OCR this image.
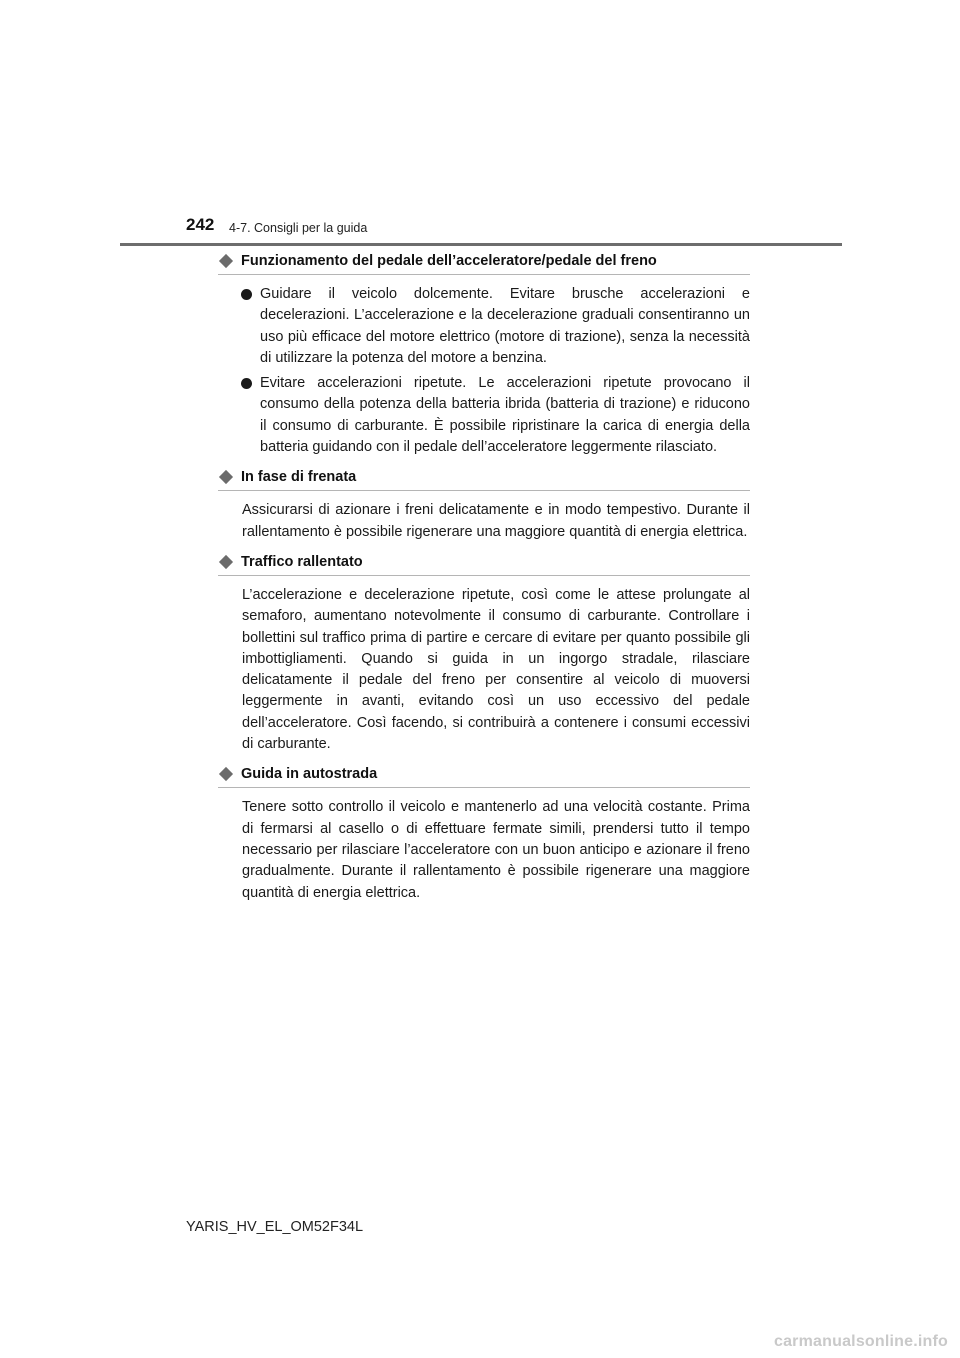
242 4-7. Consigli per la guida
Funzionamento del pedale dell’acceleratore/pedale del freno
Guidare il veicolo dolcemente. Evitare brusche accelerazioni e decelerazioni. L’accelerazione e la decelerazione graduali consentiranno un uso più efficace del motore elettrico (motore di trazione), senza la necessità di utilizzare la potenza del motore a benzina.
Evitare accelerazioni ripetute. Le accelerazioni ripetute provocano il consumo della potenza della batteria ibrida (batteria di trazione) e riducono il consumo di carburante. È possibile ripristinare la carica di energia della batteria guidando con il pedale dell’acceleratore leggermente rilasciato.
In fase di frenata
Assicurarsi di azionare i freni delicatamente e in modo tempestivo. Durante il rallentamento è possibile rigenerare una maggiore quantità di energia elettrica.
Traffico rallentato
L’accelerazione e decelerazione ripetute, così come le attese prolungate al semaforo, aumentano notevolmente il consumo di carburante. Controllare i bollettini sul traffico prima di partire e cercare di evitare per quanto possibile gli imbottigliamenti. Quando si guida in un ingorgo stradale, rilasciare delicatamente il pedale del freno per consentire al veicolo di muoversi leggermente in avanti, evitando così un uso eccessivo del pedale dell’acceleratore. Così facendo, si contribuirà a contenere i consumi eccessivi di carburante.
Guida in autostrada
Tenere sotto controllo il veicolo e mantenerlo ad una velocità costante. Prima di fermarsi al casello o di effettuare fermate simili, prendersi tutto il tempo necessario per rilasciare l’acceleratore con un buon anticipo e azionare il freno gradualmente. Durante il rallentamento è possibile rigenerare una maggiore quantità di energia elettrica.
YARIS_HV_EL_OM52F34L
carmanualsonline.info
